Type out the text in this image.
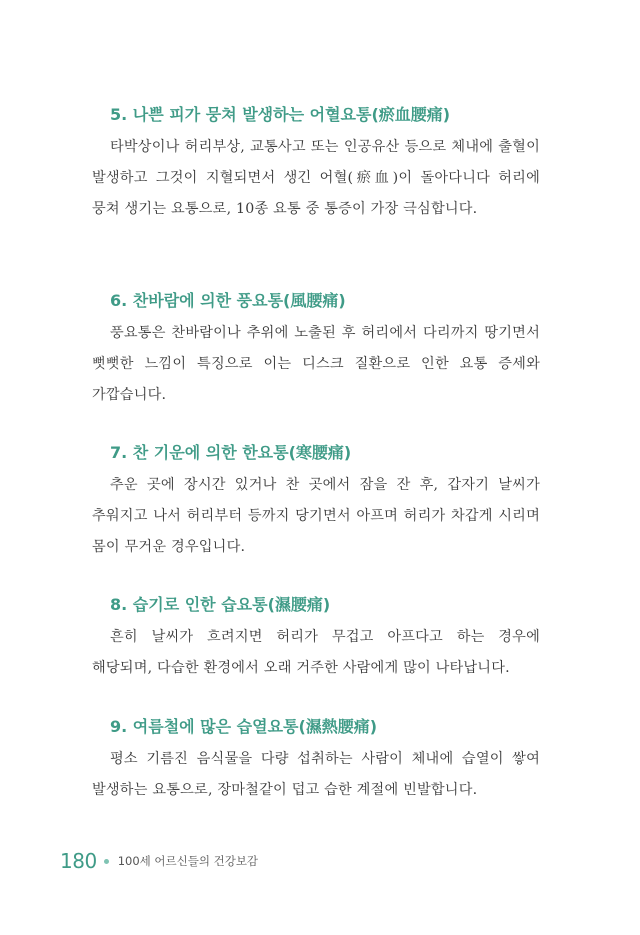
5. 나쁜 피가 뭉쳐 발생하는 어혈요통(瘀血腰痛)

타박상이나 허리부상, 교통사고 또는 인공유산 등으로 체내에 출혈이 발생하고 그것이 지혈되면서 생긴 어혈(瘀血)이 돌아다니다 허리에 뭉쳐 생기는 요통으로, 10종 요통 중 통증이 가장 극심합니다.

6. 찬바람에 의한 풍요통(風腰痛)

풍요통은 찬바람이나 추위에 노출된 후 허리에서 다리까지 땅기면서 뻣뻣한 느낌이 특징으로 이는 디스크 질환으로 인한 요통 증세와 가깝습니다.

7. 찬 기운에 의한 한요통(寒腰痛)

추운 곳에 장시간 있거나 찬 곳에서 잠을 잔 후, 갑자기 날씨가 추워지고 나서 허리부터 등까지 당기면서 아프며 허리가 차갑게 시리며 몸이 무거운 경우입니다.

8. 습기로 인한 습요통(濕腰痛)

흔히 날씨가 흐려지면 허리가 무겁고 아프다고 하는 경우에 해당되며, 다습한 환경에서 오래 거주한 사람에게 많이 나타납니다.

9. 여름철에 많은 습열요통(濕熱腰痛)

평소 기름진 음식물을 다량 섭취하는 사람이 체내에 습열이 쌓여 발생하는 요통으로, 장마철같이 덥고 습한 계절에 빈발합니다.

180 100세 어르신들의 건강보감
